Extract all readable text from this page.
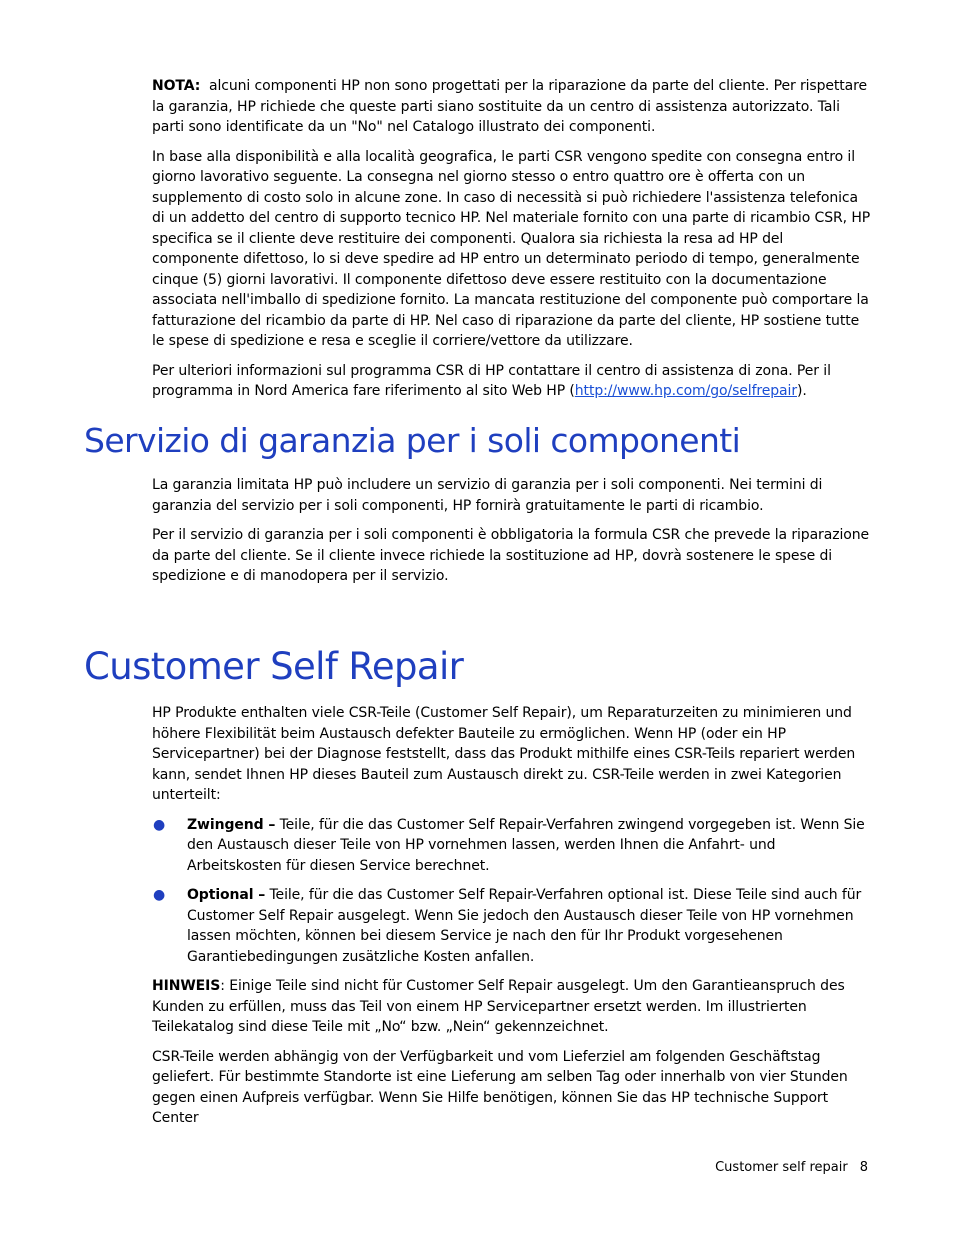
NOTA: alcuni componenti HP non sono progettati per la riparazione da parte del cliente. Per rispettare la garanzia, HP richiede che queste parti siano sostituite da un centro di assistenza autorizzato. Tali parti sono identificate da un "No" nel Catalogo illustrato dei componenti.

In base alla disponibilità e alla località geografica, le parti CSR vengono spedite con consegna entro il giorno lavorativo seguente. La consegna nel giorno stesso o entro quattro ore è offerta con un supplemento di costo solo in alcune zone. In caso di necessità si può richiedere l'assistenza telefonica di un addetto del centro di supporto tecnico HP. Nel materiale fornito con una parte di ricambio CSR, HP specifica se il cliente deve restituire dei componenti. Qualora sia richiesta la resa ad HP del componente difettoso, lo si deve spedire ad HP entro un determinato periodo di tempo, generalmente cinque (5) giorni lavorativi. Il componente difettoso deve essere restituito con la documentazione associata nell'imballo di spedizione fornito. La mancata restituzione del componente può comportare la fatturazione del ricambio da parte di HP. Nel caso di riparazione da parte del cliente, HP sostiene tutte le spese di spedizione e resa e sceglie il corriere/vettore da utilizzare.

Per ulteriori informazioni sul programma CSR di HP contattare il centro di assistenza di zona. Per il programma in Nord America fare riferimento al sito Web HP (http://www.hp.com/go/selfrepair).

Servizio di garanzia per i soli componenti

La garanzia limitata HP può includere un servizio di garanzia per i soli componenti. Nei termini di garanzia del servizio per i soli componenti, HP fornirà gratuitamente le parti di ricambio.

Per il servizio di garanzia per i soli componenti è obbligatoria la formula CSR che prevede la riparazione da parte del cliente. Se il cliente invece richiede la sostituzione ad HP, dovrà sostenere le spese di spedizione e di manodopera per il servizio.

Customer Self Repair

HP Produkte enthalten viele CSR-Teile (Customer Self Repair), um Reparaturzeiten zu minimieren und höhere Flexibilität beim Austausch defekter Bauteile zu ermöglichen. Wenn HP (oder ein HP Servicepartner) bei der Diagnose feststellt, dass das Produkt mithilfe eines CSR-Teils repariert werden kann, sendet Ihnen HP dieses Bauteil zum Austausch direkt zu. CSR-Teile werden in zwei Kategorien unterteilt:

● Zwingend – Teile, für die das Customer Self Repair-Verfahren zwingend vorgegeben ist. Wenn Sie den Austausch dieser Teile von HP vornehmen lassen, werden Ihnen die Anfahrt- und Arbeitskosten für diesen Service berechnet.
● Optional – Teile, für die das Customer Self Repair-Verfahren optional ist. Diese Teile sind auch für Customer Self Repair ausgelegt. Wenn Sie jedoch den Austausch dieser Teile von HP vornehmen lassen möchten, können bei diesem Service je nach den für Ihr Produkt vorgesehenen Garantiebedingungen zusätzliche Kosten anfallen.

HINWEIS: Einige Teile sind nicht für Customer Self Repair ausgelegt. Um den Garantieanspruch des Kunden zu erfüllen, muss das Teil von einem HP Servicepartner ersetzt werden. Im illustrierten Teilekatalog sind diese Teile mit „No“ bzw. „Nein“ gekennzeichnet.

CSR-Teile werden abhängig von der Verfügbarkeit und vom Lieferziel am folgenden Geschäftstag geliefert. Für bestimmte Standorte ist eine Lieferung am selben Tag oder innerhalb von vier Stunden gegen einen Aufpreis verfügbar. Wenn Sie Hilfe benötigen, können Sie das HP technische Support Center

Customer self repair 8
